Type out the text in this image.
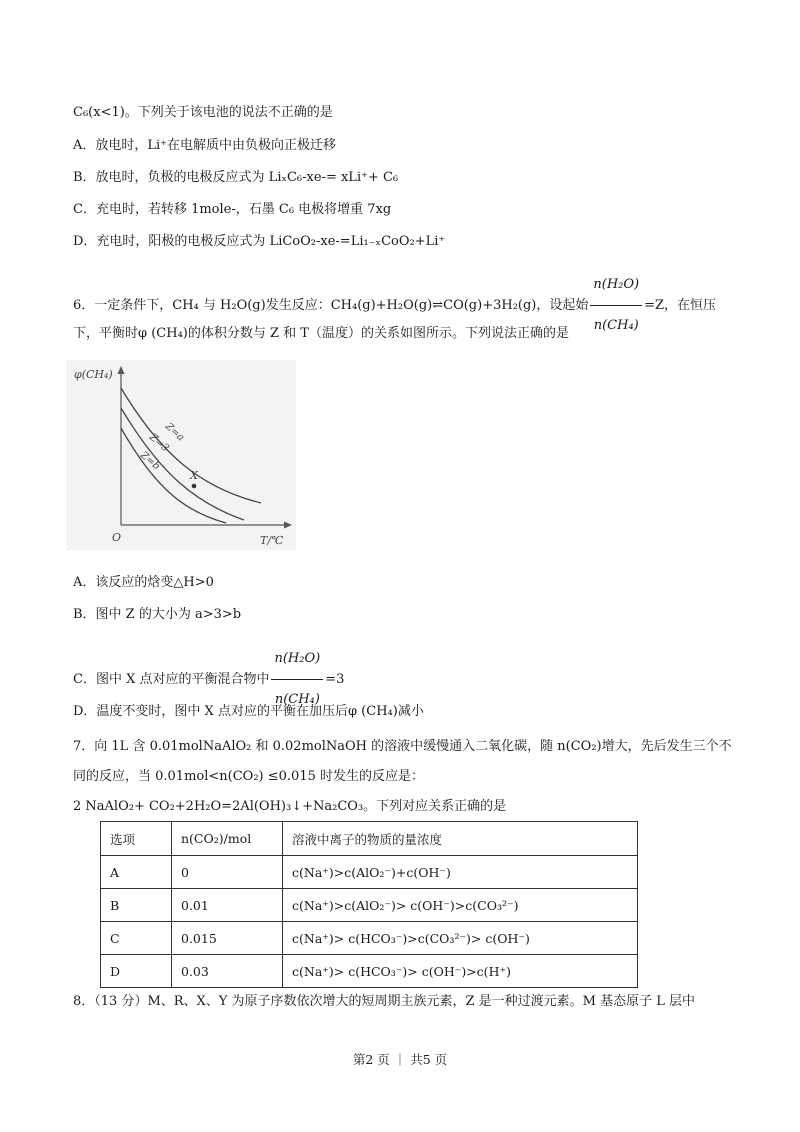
C₆(x<1)。下列关于该电池的说法不正确的是
A．放电时，Li⁺在电解质中由负极向正极迁移
B．放电时，负极的电极反应式为 LiₓC₆-xe-= xLi⁺+ C₆
C．充电时，若转移 1mole-，石墨 C₆ 电极将增重 7xg
D．充电时，阳极的电极反应式为 LiCoO₂-xe-=Li₁₋ₓCoO₂+Li⁺
6．一定条件下，CH₄ 与 H₂O(g)发生反应：CH₄(g)+H₂O(g)⇌CO(g)+3H₂(g)，设起始 $\frac{\text{n(H₂O)}}{\text{n(CH₄)}} =Z$，在恒压
下，平衡时φ (CH₄)的体积分数与 Z 和 T（温度）的关系如图所示。下列说法正确的是
φ(CH₄)
T/℃
O
Z=a
Z=3
Z=b
X
A．该反应的焓变△H>0
B．图中 Z 的大小为 a>3>b
C．图中 X 点对应的平衡混合物中 $\frac{\text{n(H₂O)}}{\text{n(CH₄)}} =3$
D．温度不变时，图中 X 点对应的平衡在加压后φ (CH₄)减小
7．向 1L 含 0.01molNaAlO₂ 和 0.02molNaOH 的溶液中缓慢通入二氧化碳，随 n(CO₂)增大，先后发生三个不
同的反应，当 0.01mol<n(CO₂) ≤0.015 时发生的反应是：
2 NaAlO₂+ CO₂+2H₂O=2Al(OH)₃↓+Na₂CO₃。下列对应关系正确的是
选项	n(CO₂)/mol	溶液中离子的物质的量浓度
A	0	c(Na⁺)>c(AlO₂⁻)+c(OH⁻)
B	0.01	c(Na⁺)>c(AlO₂⁻)> c(OH⁻)>c(CO₃²⁻)
C	0.015	c(Na⁺)> c(HCO₃⁻)>c(CO₃²⁻)> c(OH⁻)
D	0.03	c(Na⁺)> c(HCO₃⁻)> c(OH⁻)>c(H⁺)
8．（13 分）M、R、X、Y 为原子序数依次增大的短周期主族元素，Z 是一种过渡元素。M 基态原子 L 层中
第2 页 ｜ 共5 页
